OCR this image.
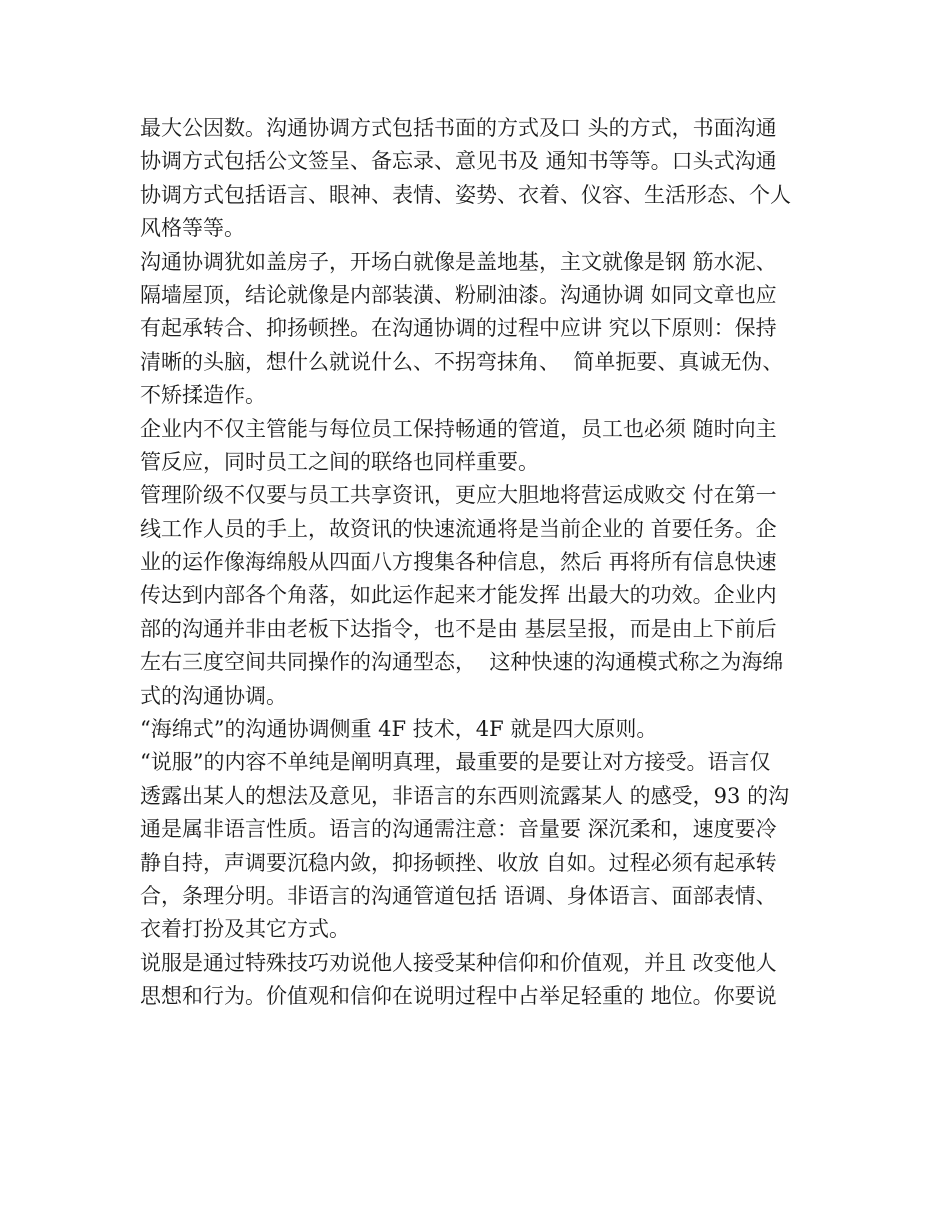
最大公因数。沟通协调方式包括书面的方式及口 头的方式，书面沟通
协调方式包括公文签呈、备忘录、意见书及 通知书等等。口头式沟通
协调方式包括语言、眼神、表情、姿势、衣着、仪容、生活形态、个人
风格等等。
沟通协调犹如盖房子，开场白就像是盖地基，主文就像是钢 筋水泥、
隔墙屋顶，结论就像是内部装潢、粉刷油漆。沟通协调 如同文章也应
有起承转合、抑扬顿挫。在沟通协调的过程中应讲 究以下原则：保持
清晰的头脑，想什么就说什么、不拐弯抹角、  简单扼要、真诚无伪、
不矫揉造作。
企业内不仅主管能与每位员工保持畅通的管道，员工也必须 随时向主
管反应，同时员工之间的联络也同样重要。
管理阶级不仅要与员工共享资讯，更应大胆地将营运成败交 付在第一
线工作人员的手上，故资讯的快速流通将是当前企业的 首要任务。企
业的运作像海绵般从四面八方搜集各种信息，然后 再将所有信息快速
传达到内部各个角落，如此运作起来才能发挥 出最大的功效。企业内
部的沟通并非由老板下达指令，也不是由 基层呈报，而是由上下前后
左右三度空间共同操作的沟通型态，  这种快速的沟通模式称之为海绵
式的沟通协调。
“海绵式”的沟通协调侧重 4F 技术，4F 就是四大原则。
“说服”的内容不单纯是阐明真理，最重要的是要让对方接受。语言仅
透露出某人的想法及意见，非语言的东西则流露某人 的感受，93 的沟
通是属非语言性质。语言的沟通需注意：音量要 深沉柔和，速度要冷
静自持，声调要沉稳内敛，抑扬顿挫、收放 自如。过程必须有起承转
合，条理分明。非语言的沟通管道包括 语调、身体语言、面部表情、
衣着打扮及其它方式。
说服是通过特殊技巧劝说他人接受某种信仰和价值观，并且 改变他人
思想和行为。价值观和信仰在说明过程中占举足轻重的 地位。你要说
